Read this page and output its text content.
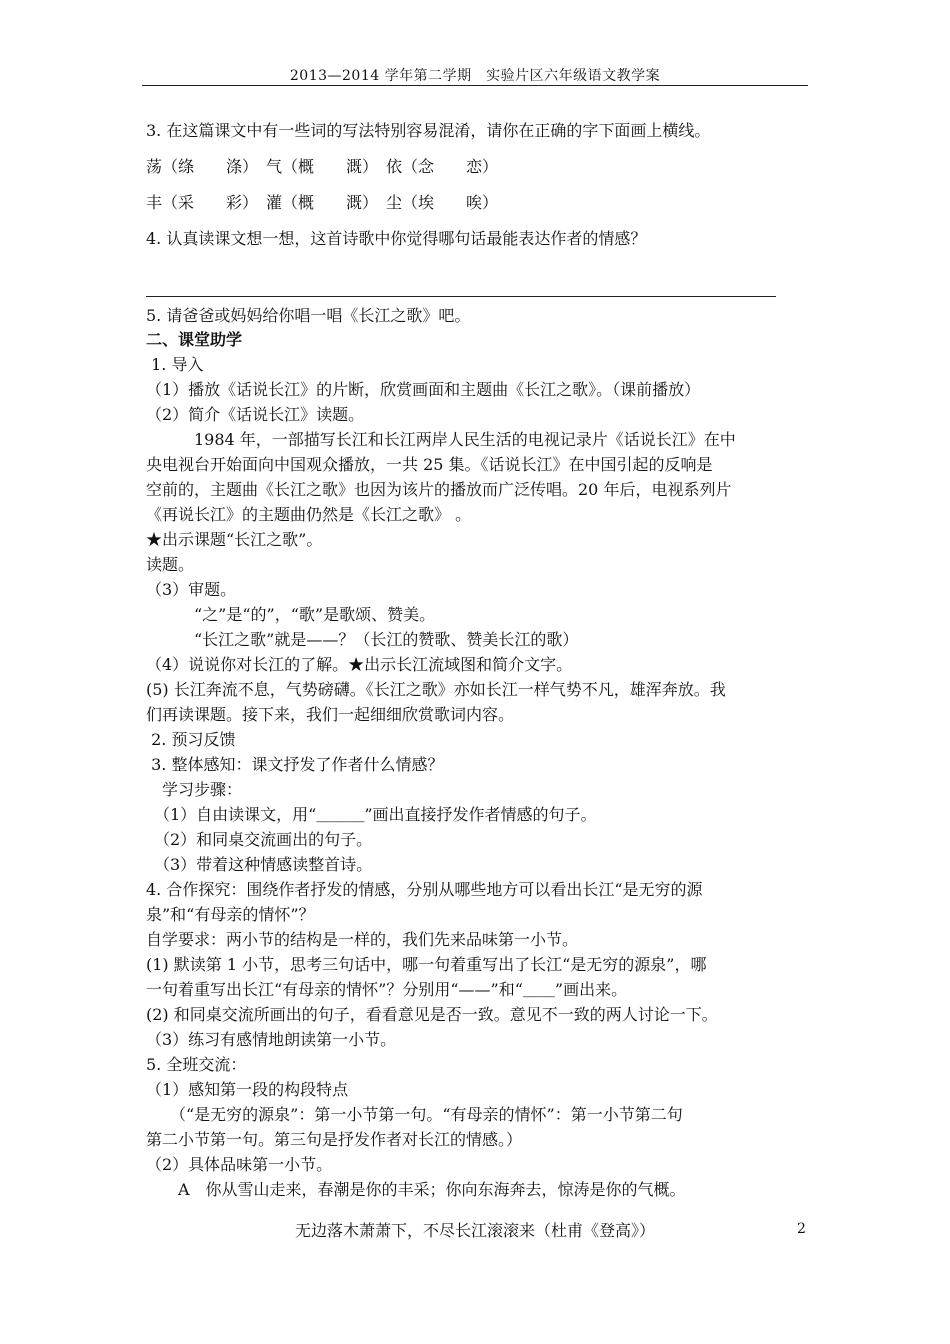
2013—2014 学年第二学期　实验片区六年级语文教学案
3. 在这篇课文中有一些词的写法特别容易混淆，请你在正确的字下面画上横线。
荡（绦　　涤）　气（概　　溉）　依（念　　恋）
丰（采　　彩）　灌（概　　溉）　尘（埃　　唉）
4. 认真读课文想一想，这首诗歌中你觉得哪句话最能表达作者的情感？
5. 请爸爸或妈妈给你唱一唱《长江之歌》吧。
二、课堂助学
1. 导入
（1）播放《话说长江》的片断，欣赏画面和主题曲《长江之歌》。（课前播放）
（2）简介《话说长江》读题。
　　　1984 年，一部描写长江和长江两岸人民生活的电视记录片《话说长江》在中
央电视台开始面向中国观众播放，一共 25 集。《话说长江》在中国引起的反响是
空前的，主题曲《长江之歌》也因为该片的播放而广泛传唱。20 年后，电视系列片
《再说长江》的主题曲仍然是《长江之歌》 。
★出示课题“长江之歌”。
读题。
（3）审题。
　　　“之”是“的”，“歌”是歌颂、赞美。
　　　“长江之歌”就是——？（长江的赞歌、赞美长江的歌）
（4）说说你对长江的了解。★出示长江流域图和简介文字。
(5) 长江奔流不息，气势磅礴。《长江之歌》亦如长江一样气势不凡，雄浑奔放。我
们再读课题。接下来，我们一起细细欣赏歌词内容。
2. 预习反馈
3. 整体感知：课文抒发了作者什么情感？
　学习步骤：
　（1）自由读课文，用“＿＿＿”画出直接抒发作者情感的句子。
　（2）和同桌交流画出的句子。
　（3）带着这种情感读整首诗。
4. 合作探究：围绕作者抒发的情感，分别从哪些地方可以看出长江“是无穷的源
泉”和“有母亲的情怀”？
自学要求：两小节的结构是一样的，我们先来品味第一小节。
(1) 默读第 1 小节，思考三句话中，哪一句着重写出了长江“是无穷的源泉”，哪
一句着重写出长江“有母亲的情怀”？分别用“——”和“＿＿”画出来。
(2) 和同桌交流所画出的句子，看看意见是否一致。意见不一致的两人讨论一下。
（3）练习有感情地朗读第一小节。
5. 全班交流：
（1）感知第一段的构段特点
　　（“是无穷的源泉”：第一小节第一句。“有母亲的情怀”：第一小节第二句
第二小节第一句。第三句是抒发作者对长江的情感。）
（2）具体品味第一小节。
　　A　你从雪山走来，春潮是你的丰采；你向东海奔去，惊涛是你的气概。
无边落木萧萧下，不尽长江滚滚来（杜甫《登高》）	2
